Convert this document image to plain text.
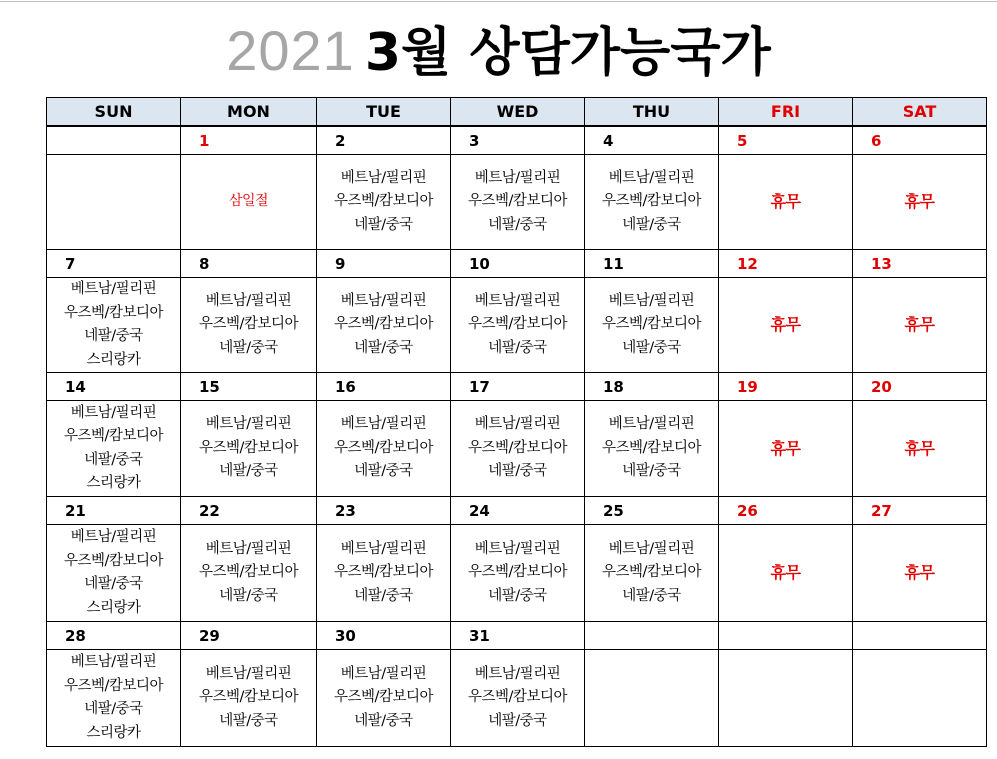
2021 3월 상담가능국가
SUN	MON	TUE	WED	THU	FRI	SAT
	1	2	3	4	5	6
	삼일절	베트남/필리핀
우즈벡/캄보디아
네팔/중국	베트남/필리핀
우즈벡/캄보디아
네팔/중국	베트남/필리핀
우즈벡/캄보디아
네팔/중국	휴무	휴무
7	8	9	10	11	12	13

베트남/필리핀
우즈벡/캄보디아
네팔/중국
스리랑카	베트남/필리핀
우즈벡/캄보디아
네팔/중국	베트남/필리핀
우즈벡/캄보디아
네팔/중국	베트남/필리핀
우즈벡/캄보디아
네팔/중국	베트남/필리핀
우즈벡/캄보디아
네팔/중국	휴무	휴무
14	15	16	17	18	19	20

베트남/필리핀
우즈벡/캄보디아
네팔/중국
스리랑카	베트남/필리핀
우즈벡/캄보디아
네팔/중국	베트남/필리핀
우즈벡/캄보디아
네팔/중국	베트남/필리핀
우즈벡/캄보디아
네팔/중국	베트남/필리핀
우즈벡/캄보디아
네팔/중국	휴무	휴무
21	22	23	24	25	26	27

베트남/필리핀
우즈벡/캄보디아
네팔/중국
스리랑카	베트남/필리핀
우즈벡/캄보디아
네팔/중국	베트남/필리핀
우즈벡/캄보디아
네팔/중국	베트남/필리핀
우즈벡/캄보디아
네팔/중국	베트남/필리핀
우즈벡/캄보디아
네팔/중국	휴무	휴무
28	29	30	31			

베트남/필리핀
우즈벡/캄보디아
네팔/중국
스리랑카	베트남/필리핀
우즈벡/캄보디아
네팔/중국	베트남/필리핀
우즈벡/캄보디아
네팔/중국	베트남/필리핀
우즈벡/캄보디아
네팔/중국			
